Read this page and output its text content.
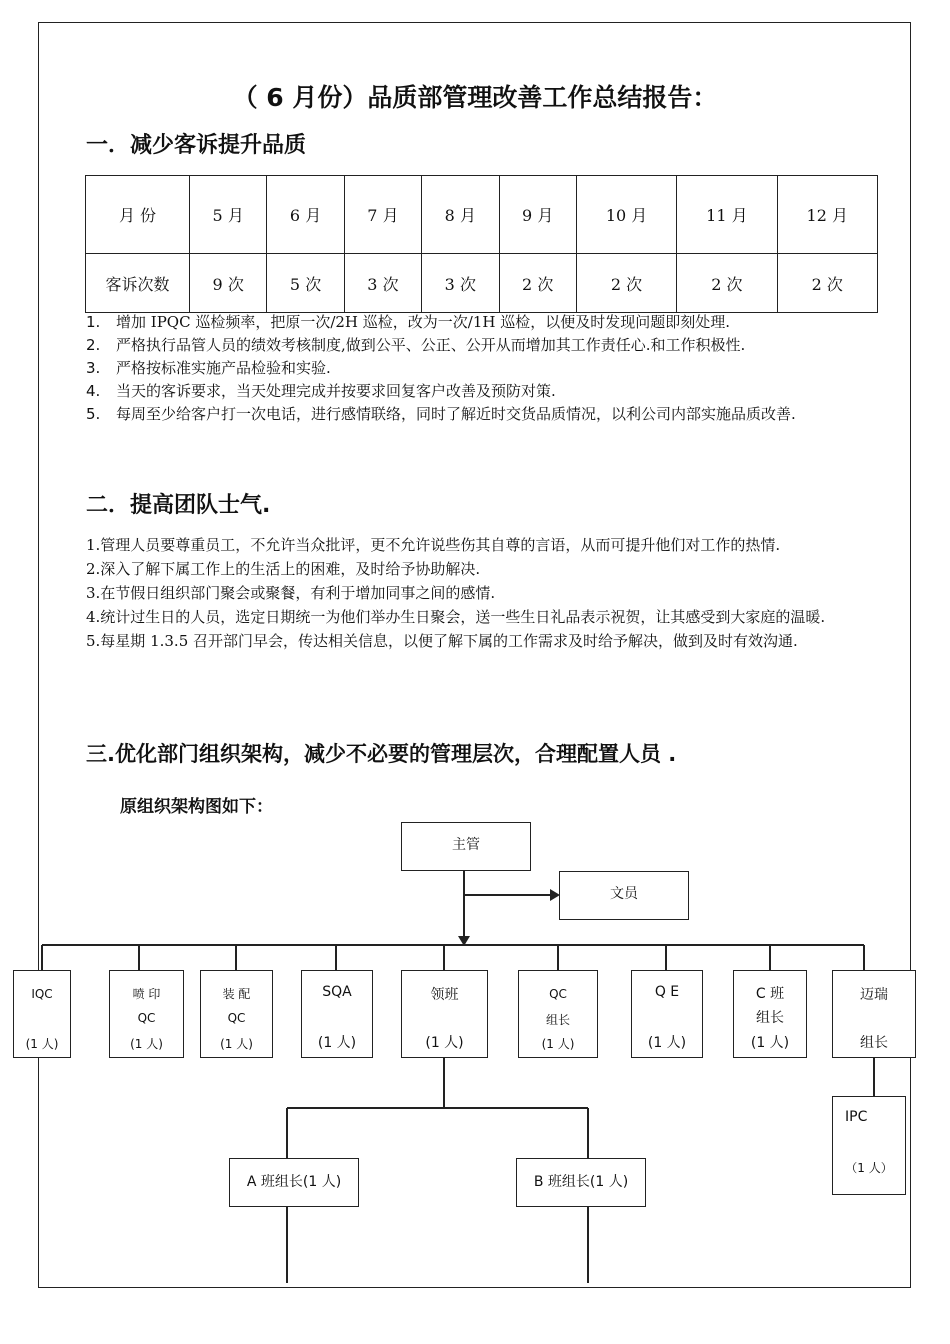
（ 6 月份）品质部管理改善工作总结报告：
一．减少客诉提升品质
月 份	5 月	6 月	7 月	8 月	9 月	10 月	11 月	12 月
客诉次数	9 次	5 次	3 次	3 次	2 次	2 次	2 次	2 次
1. 增加 IPQC 巡检频率，把原一次/2H 巡检，改为一次/1H 巡检，以便及时发现问题即刻处理.
2. 严格执行品管人员的绩效考核制度,做到公平、公正、公开从而增加其工作责任心.和工作积极性.
3. 严格按标准实施产品检验和实验.
4. 当天的客诉要求，当天处理完成并按要求回复客户改善及预防对策.
5. 每周至少给客户打一次电话，进行感情联络，同时了解近时交货品质情况，以利公司内部实施品质改善.
二．提高团队士气.
1.管理人员要尊重员工，不允许当众批评，更不允许说些伤其自尊的言语，从而可提升他们对工作的热情.
2.深入了解下属工作上的生活上的困难，及时给予协助解决.
3.在节假日组织部门聚会或聚餐，有利于增加同事之间的感情.
4.统计过生日的人员，选定日期统一为他们举办生日聚会，送一些生日礼品表示祝贺，让其感受到大家庭的温暖.
5.每星期 1.3.5 召开部门早会，传达相关信息，以便了解下属的工作需求及时给予解决，做到及时有效沟通.
三.优化部门组织架构，减少不必要的管理层次，合理配置人员 .
原组织架构图如下：
主管
文员
IQC
(1 人)
喷 印
QC
(1 人)
装 配
QC
(1 人)
SQA
(1 人)
领班
(1 人)
QC
组长
(1 人)
Q E
(1 人)
C 班
组长
(1 人)
迈瑞
组长
A 班组长(1 人)	B 班组长(1 人)
IPC
（1 人）
